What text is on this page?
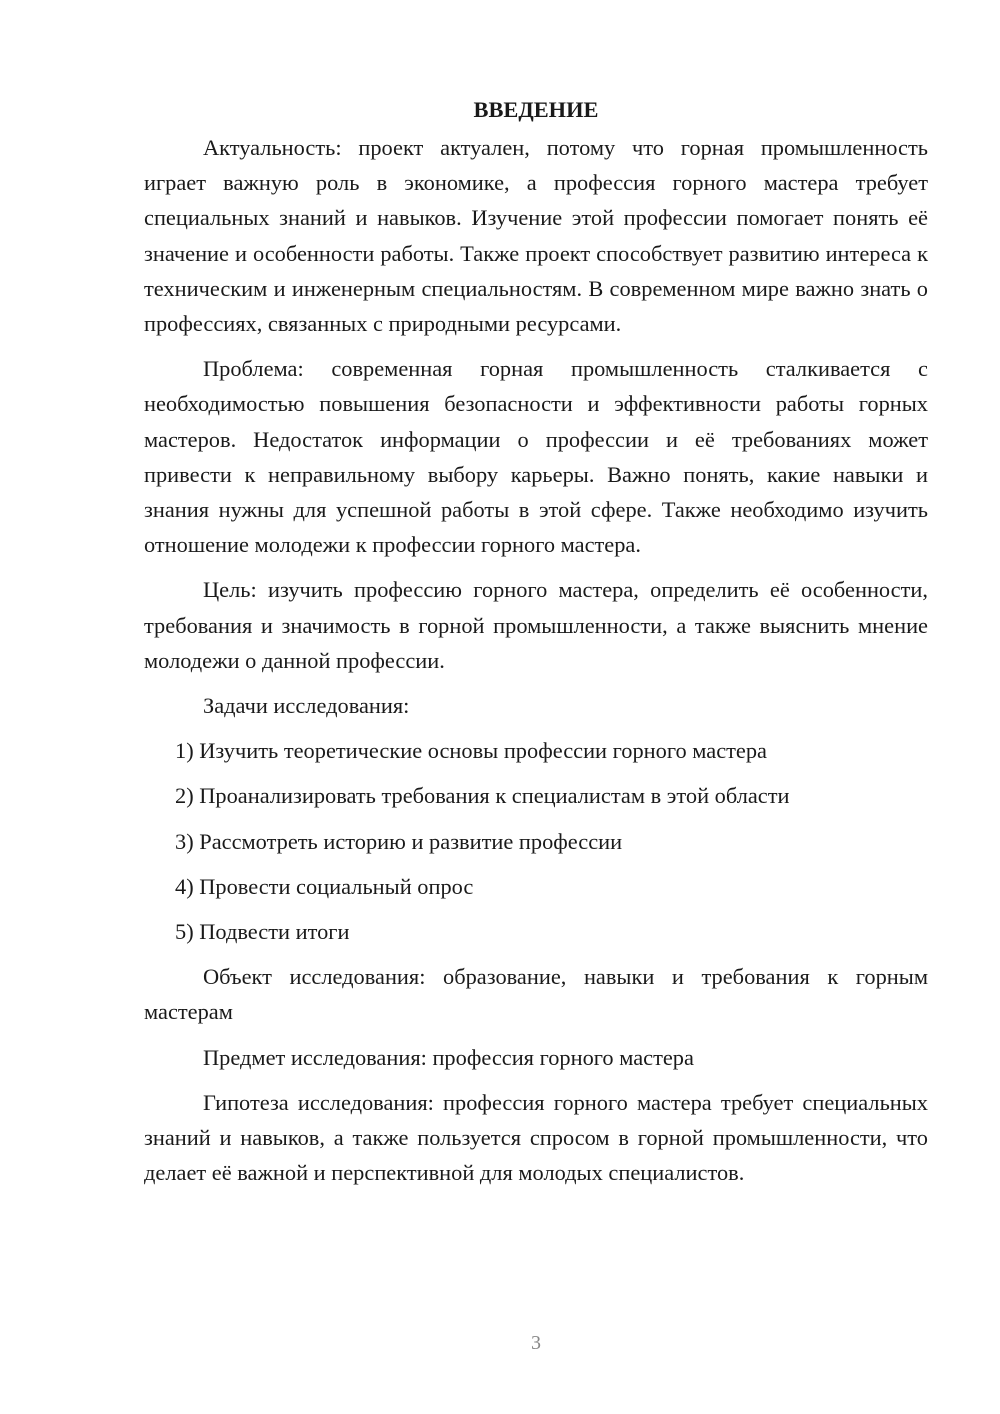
ВВЕДЕНИЕ

Актуальность: проект актуален, потому что горная промышленность играет важную роль в экономике, а профессия горного мастера требует специальных знаний и навыков. Изучение этой профессии помогает понять её значение и особенности работы. Также проект способствует развитию интереса к техническим и инженерным специальностям. В современном мире важно знать о профессиях, связанных с природными ресурсами.

Проблема: современная горная промышленность сталкивается с необходимостью повышения безопасности и эффективности работы горных мастеров. Недостаток информации о профессии и её требованиях может привести к неправильному выбору карьеры. Важно понять, какие навыки и знания нужны для успешной работы в этой сфере. Также необходимо изучить отношение молодежи к профессии горного мастера.

Цель: изучить профессию горного мастера, определить её особенности, требования и значимость в горной промышленности, а также выяснить мнение молодежи о данной профессии.

Задачи исследования:

1) Изучить теоретические основы профессии горного мастера
2) Проанализировать требования к специалистам в этой области
3) Рассмотреть историю и развитие профессии
4) Провести социальный опрос
5) Подвести итоги

Объект исследования: образование, навыки и требования к горным мастерам

Предмет исследования: профессия горного мастера

Гипотеза исследования: профессия горного мастера требует специальных знаний и навыков, а также пользуется спросом в горной промышленности, что делает её важной и перспективной для молодых специалистов.

3
